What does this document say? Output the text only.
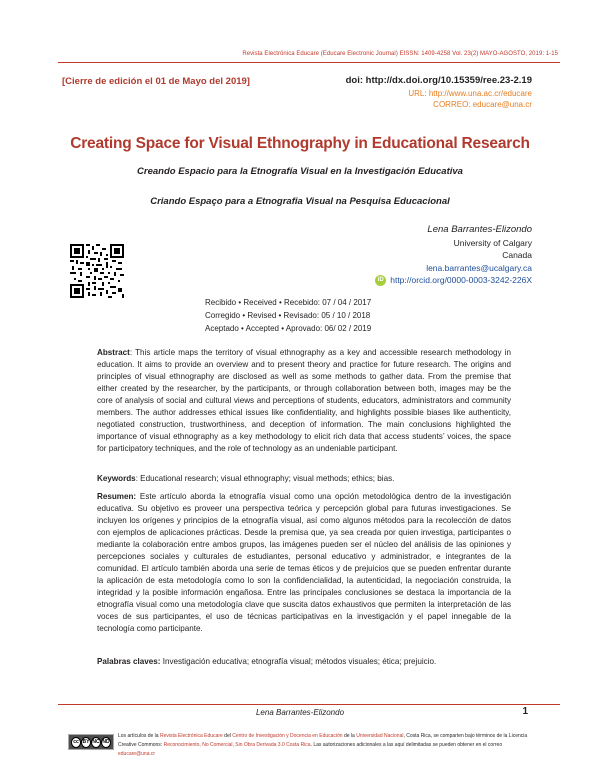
Revista Electrónica Educare (Educare Electronic Journal) EISSN: 1409-4258 Vol. 23(2) MAYO-AGOSTO, 2019: 1-15
[Cierre de edición el 01 de Mayo del 2019]	doi: http://dx.doi.org/10.15359/ree.23-2.19
URL: http://www.una.ac.cr/educare
CORREO: educare@una.cr
Creating Space for Visual Ethnography in Educational Research
Creando Espacio para la Etnografía Visual en la Investigación Educativa
Criando Espaço para a Etnografia Visual na Pesquisa Educacional
Lena Barrantes-Elizondo
University of Calgary
Canada
lena.barrantes@ucalgary.ca
iD http://orcid.org/0000-0003-3242-226X
Recibido • Received • Recebido: 07 / 04 / 2017
Corregido • Revised • Revisado: 05 / 10 / 2018
Aceptado • Accepted • Aprovado: 06/ 02 / 2019

Abstract: This article maps the territory of visual ethnography as a key and accessible research methodology in education. It aims to provide an overview and to present theory and practice for future research. The origins and principles of visual ethnography are disclosed as well as some methods to gather data. From the premise that either created by the researcher, by the participants, or through collaboration between both, images may be the core of analysis of social and cultural views and perceptions of students, educators, administrators and community members. The author addresses ethical issues like confidentiality, and highlights possible biases like authenticity, negotiated construction, trustworthiness, and deception of information. The main conclusions highlighted the importance of visual ethnography as a key methodology to elicit rich data that access students’ voices, the space for participatory techniques, and the role of technology as an undeniable participant.

Keywords: Educational research; visual ethnography; visual methods; ethics; bias.

Resumen: Este artículo aborda la etnografía visual como una opción metodológica dentro de la investigación educativa. Su objetivo es proveer una perspectiva teórica y percepción global para futuras investigaciones. Se incluyen los orígenes y principios de la etnografía visual, así como algunos métodos para la recolección de datos con ejemplos de aplicaciones prácticas. Desde la premisa que, ya sea creada por quien investiga, participantes o mediante la colaboración entre ambos grupos, las imágenes pueden ser el núcleo del análisis de las opiniones y percepciones sociales y culturales de estudiantes, personal educativo y administrador, e integrantes de la comunidad. El artículo también aborda una serie de temas éticos y de prejuicios que se pueden enfrentar durante la aplicación de esta metodología como lo son la confidencialidad, la autenticidad, la negociación construida, la integridad y la posible información engañosa. Entre las principales conclusiones se destaca la importancia de la etnografía visual como una metodología clave que suscita datos exhaustivos que permiten la interpretación de las voces de sus participantes, el uso de técnicas participativas en la investigación y el papel innegable de la tecnología como participante.

Palabras claves: Investigación educativa; etnografía visual; métodos visuales; ética; prejuicio.

Lena Barrantes-Elizondo	1
cc BY NC ND
Los artículos de la Revista Electrónica Educare del Centro de Investigación y Docencia en Educación de la Universidad Nacional, Costa Rica, se comparten bajo términos de la Licencia
Creative Commons: Reconocimiento, No Comercial, Sin Obra Derivada 3.0 Costa Rica. Las autorizaciones adicionales a las aquí delimitadas se pueden obtener en el correo educare@una.cr
